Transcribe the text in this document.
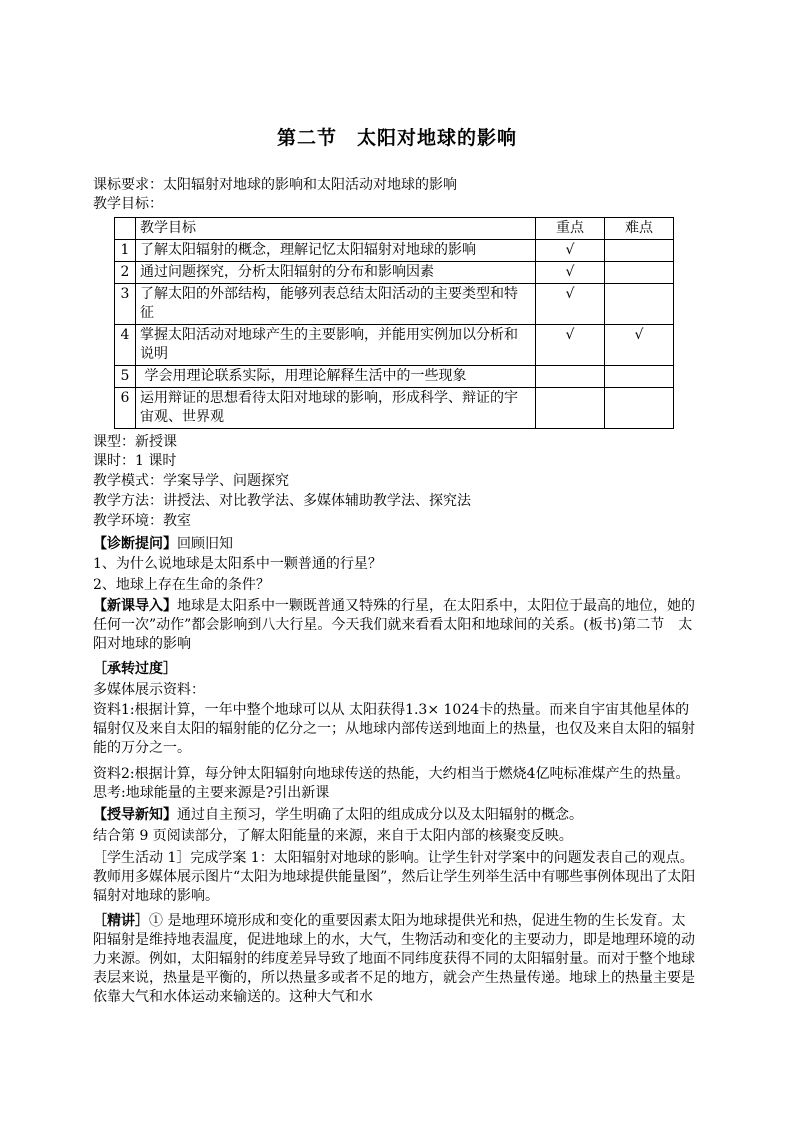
第二节　太阳对地球的影响
课标要求：太阳辐射对地球的影响和太阳活动对地球的影响
教学目标：
	教学目标	重点	难点
1	了解太阳辐射的概念，理解记忆太阳辐射对地球的影响	√	
2	通过问题探究，分析太阳辐射的分布和影响因素	√	
3	了解太阳的外部结构，能够列表总结太阳活动的主要类型和特征	√	
4	掌握太阳活动对地球产生的主要影响，并能用实例加以分析和说明	√	√
5	学会用理论联系实际，用理论解释生活中的一些现象		
6	运用辩证的思想看待太阳对地球的影响，形成科学、辩证的宇宙观、世界观		
课型：新授课
课时：1 课时
教学模式：学案导学、问题探究
教学方法：讲授法、对比教学法、多媒体辅助教学法、探究法
教学环境：教室
【诊断提问】回顾旧知
1、为什么说地球是太阳系中一颗普通的行星？
2、地球上存在生命的条件？
【新课导入】地球是太阳系中一颗既普通又特殊的行星，在太阳系中，太阳位于最高的地位，她的任何一次”动作”都会影响到八大行星。今天我们就来看看太阳和地球间的关系。(板书)第二节　太阳对地球的影响
［承转过度］
多媒体展示资料：
资料1:根据计算，一年中整个地球可以从 太阳获得1.3× 1024卡的热量。而来自宇宙其他星体的辐射仅及来自太阳的辐射能的亿分之一；从地球内部传送到地面上的热量，也仅及来自太阳的辐射能的万分之一。
资料2:根据计算，每分钟太阳辐射向地球传送的热能，大约相当于燃烧4亿吨标准煤产生的热量。思考:地球能量的主要来源是?引出新课
【授导新知】通过自主预习，学生明确了太阳的组成成分以及太阳辐射的概念。
结合第 9 页阅读部分，了解太阳能量的来源，来自于太阳内部的核聚变反映。
［学生活动 1］完成学案 1：太阳辐射对地球的影响。让学生针对学案中的问题发表自己的观点。教师用多媒体展示图片“太阳为地球提供能量图”，然后让学生列举生活中有哪些事例体现出了太阳辐射对地球的影响。
［精讲］① 是地理环境形成和变化的重要因素太阳为地球提供光和热，促进生物的生长发育。太阳辐射是维持地表温度，促进地球上的水，大气，生物活动和变化的主要动力，即是地理环境的动力来源。例如，太阳辐射的纬度差异导致了地面不同纬度获得不同的太阳辐射量。而对于整个地球表层来说，热量是平衡的，所以热量多或者不足的地方，就会产生热量传递。地球上的热量主要是依靠大气和水体运动来输送的。这种大气和水
